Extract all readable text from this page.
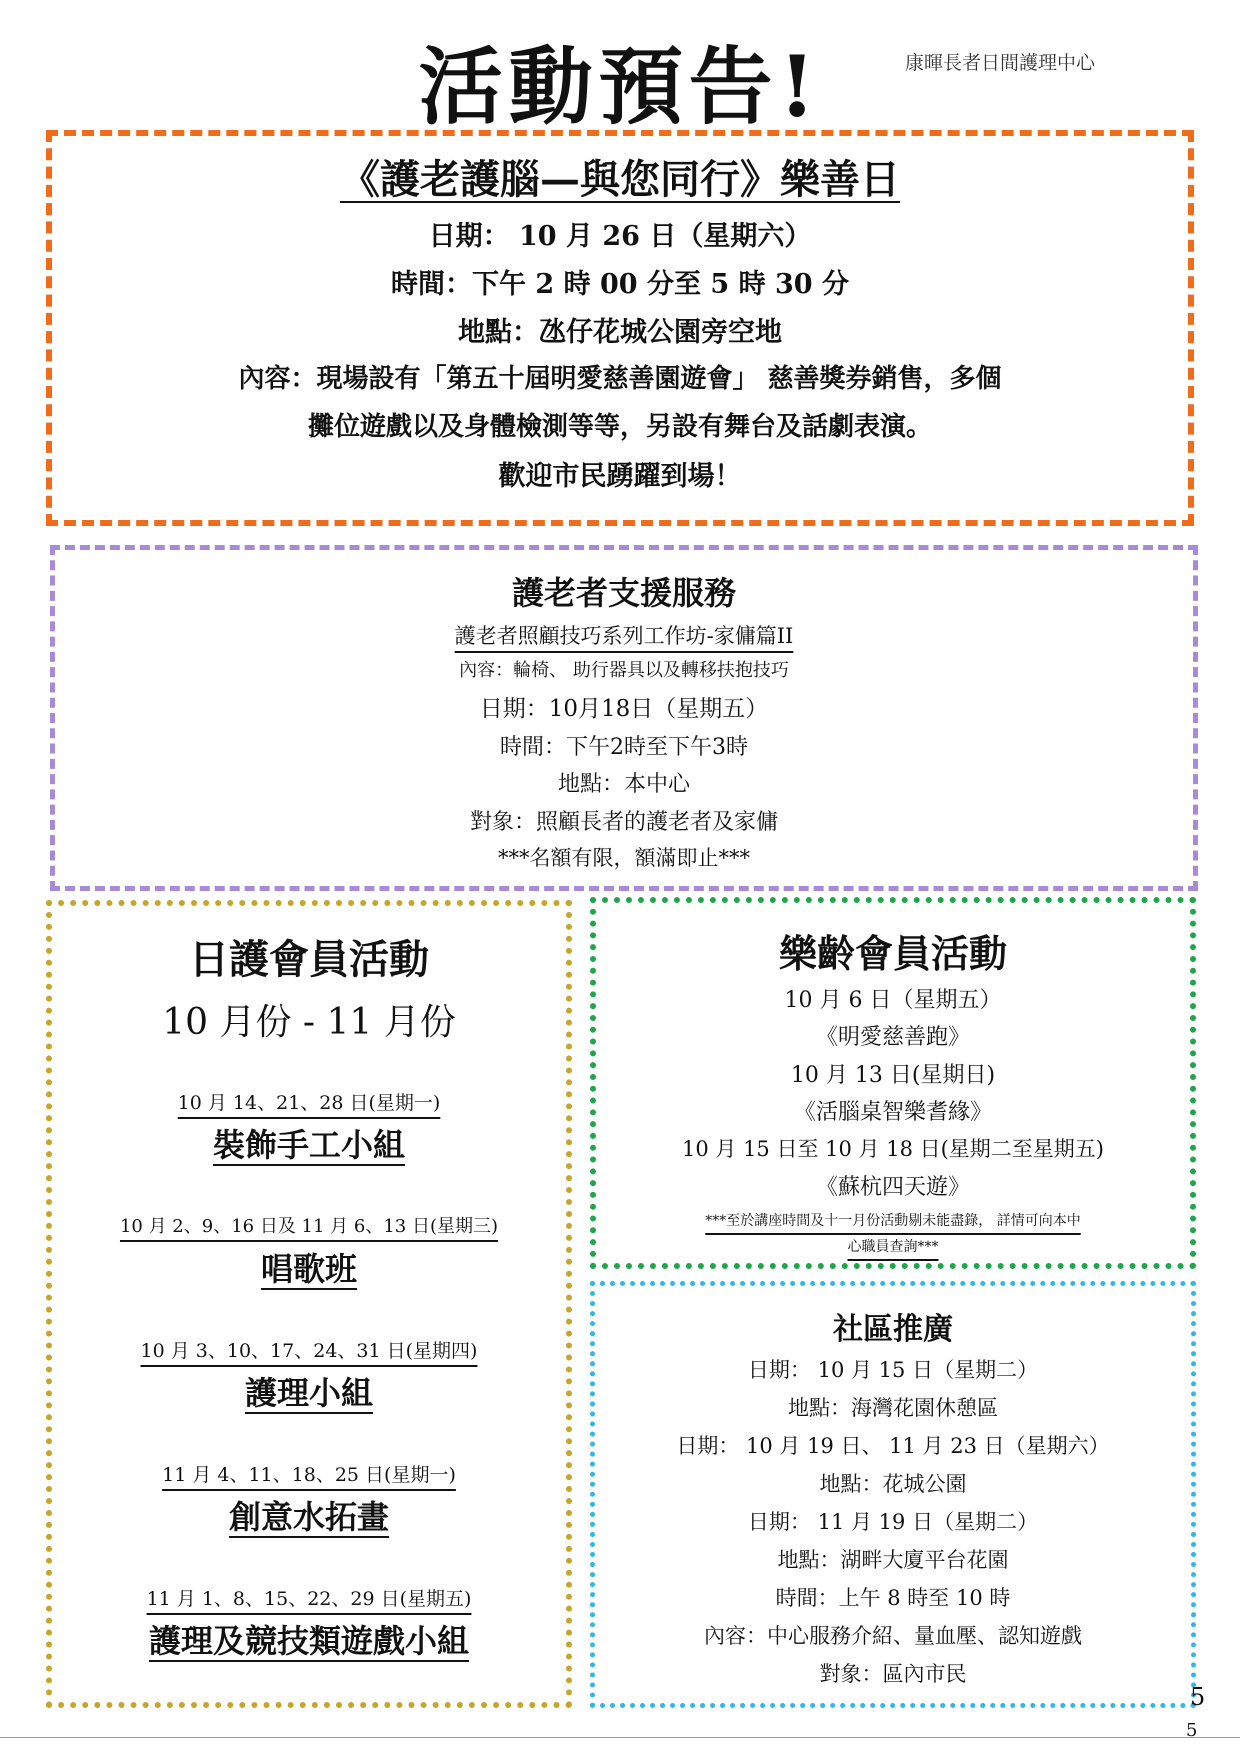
活動預告!	康暉長者日間護理中心
《護老護腦—與您同行》樂善日
日期： 10 月 26 日（星期六）
時間：下午 2 時 00 分至 5 時 30 分
地點：氹仔花城公園旁空地
內容：現場設有「第五十屆明愛慈善園遊會」 慈善獎券銷售，多個
攤位遊戲以及身體檢測等等，另設有舞台及話劇表演。
歡迎市民踴躍到場！
護老者支援服務
護老者照顧技巧系列工作坊-家傭篇II
內容：輪椅、 助行器具以及轉移扶抱技巧
日期：10月18日（星期五）
時間：下午2時至下午3時
地點：本中心
對象：照顧長者的護老者及家傭
***名額有限，額滿即止***
日護會員活動
10 月份 - 11 月份
10 月 14、21、28 日(星期一)
裝飾手工小組
10 月 2、9、16 日及 11 月 6、13 日(星期三)
唱歌班
10 月 3、10、17、24、31 日(星期四)
護理小組
11 月 4、11、18、25 日(星期一)
創意水拓畫
11 月 1、8、15、22、29 日(星期五)
護理及競技類遊戲小組
樂齡會員活動
10 月 6 日（星期五）
《明愛慈善跑》
10 月 13 日(星期日)
《活腦桌智樂耆緣》
10 月 15 日至 10 月 18 日(星期二至星期五)
《蘇杭四天遊》
***至於講座時間及十一月份活動剔未能盡錄， 詳情可向本中
心職員查詢***
社區推廣
日期： 10 月 15 日（星期二）
地點：海灣花園休憩區
日期： 10 月 19 日、 11 月 23 日（星期六）
地點：花城公園
日期： 11 月 19 日（星期二）
地點：湖畔大廈平台花園
時間：上午 8 時至 10 時
內容：中心服務介紹、量血壓、認知遊戲
對象：區內市民
5
5
